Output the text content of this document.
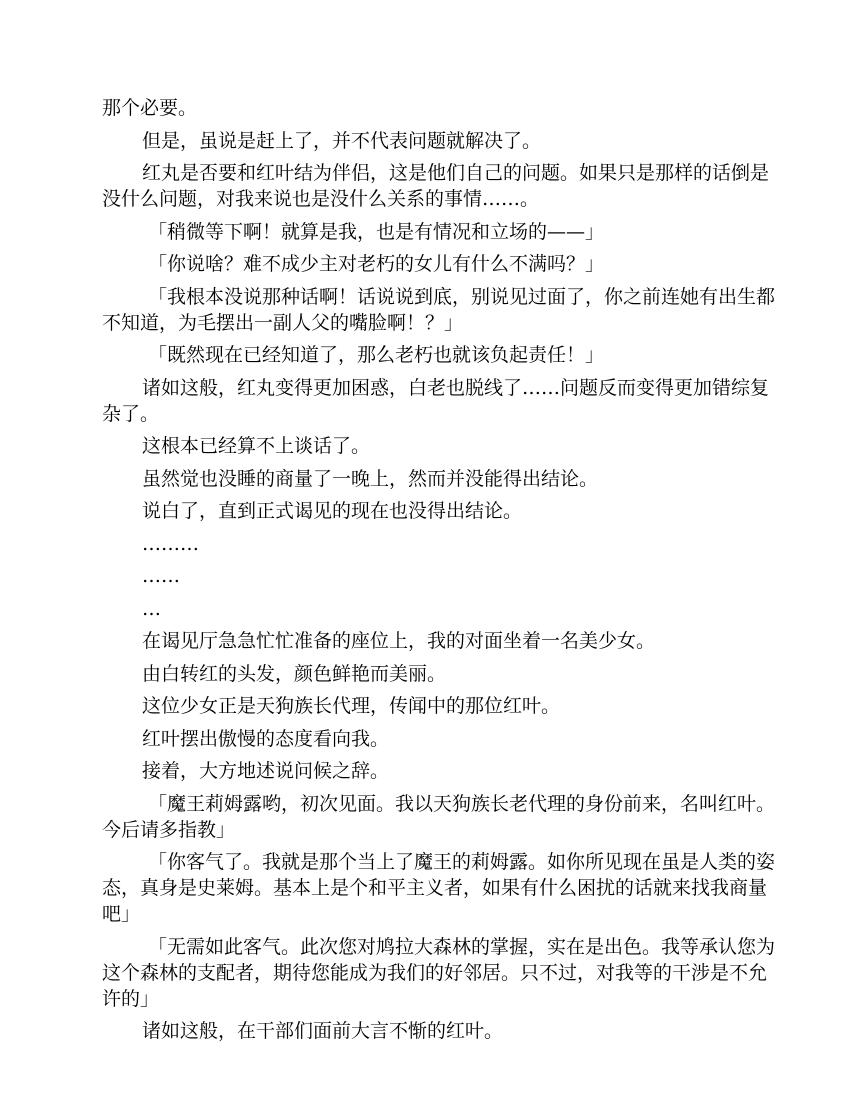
那个必要。

但是，虽说是赶上了，并不代表问题就解决了。

红丸是否要和红叶结为伴侣，这是他们自己的问题。如果只是那样的话倒是没什么问题，对我来说也是没什么关系的事情……。

「稍微等下啊！就算是我，也是有情况和立场的——」

「你说啥？难不成少主对老朽的女儿有什么不满吗？」

「我根本没说那种话啊！话说说到底，别说见过面了，你之前连她有出生都不知道，为毛摆出一副人父的嘴脸啊！？」

「既然现在已经知道了，那么老朽也就该负起责任！」

诸如这般，红丸变得更加困惑，白老也脱线了……问题反而变得更加错综复杂了。

这根本已经算不上谈话了。

虽然觉也没睡的商量了一晚上，然而并没能得出结论。

说白了，直到正式谒见的现在也没得出结论。

………

……

…

在谒见厅急急忙忙准备的座位上，我的对面坐着一名美少女。

由白转红的头发，颜色鲜艳而美丽。

这位少女正是天狗族长代理，传闻中的那位红叶。

红叶摆出傲慢的态度看向我。

接着，大方地述说问候之辞。

「魔王莉姆露哟，初次见面。我以天狗族长老代理的身份前来，名叫红叶。今后请多指教」

「你客气了。我就是那个当上了魔王的莉姆露。如你所见现在虽是人类的姿态，真身是史莱姆。基本上是个和平主义者，如果有什么困扰的话就来找我商量吧」

「无需如此客气。此次您对鸠拉大森林的掌握，实在是出色。我等承认您为这个森林的支配者，期待您能成为我们的好邻居。只不过，对我等的干涉是不允许的」

诸如这般，在干部们面前大言不惭的红叶。
